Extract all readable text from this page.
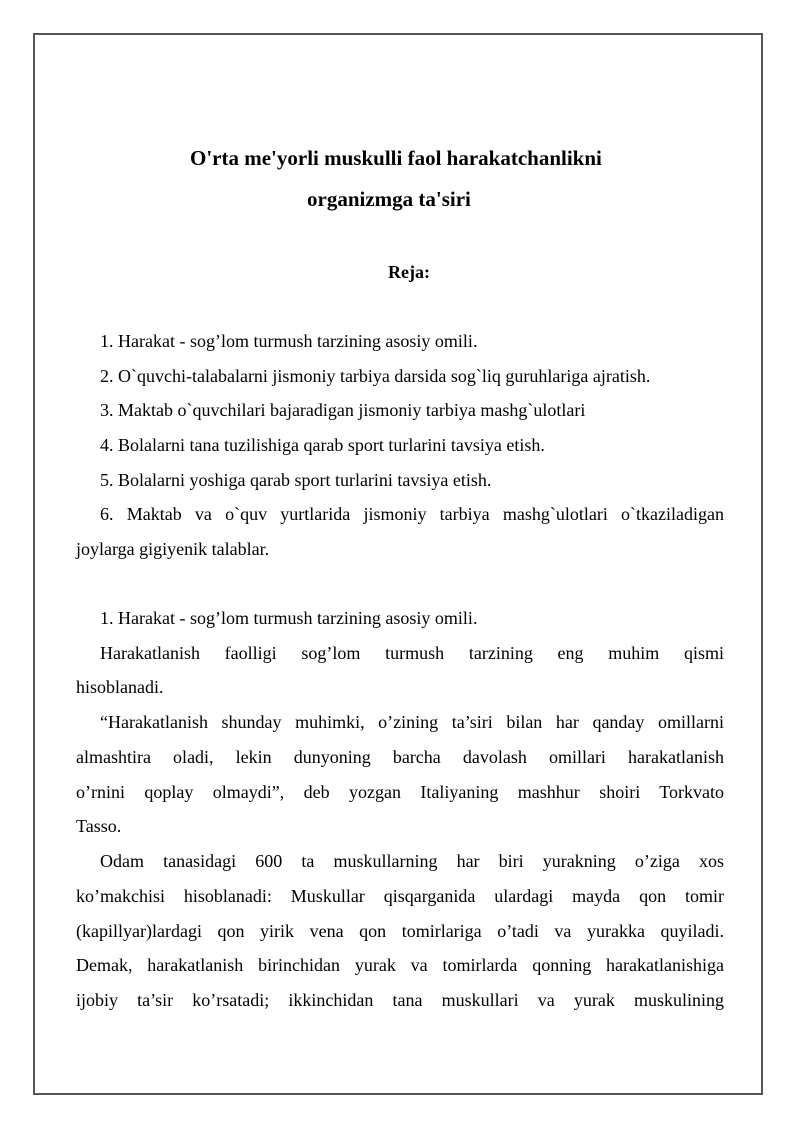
O'rta me'yorli muskulli faol harakatchanlikni
organizmga ta'siri
Reja:
1. Harakat - sog’lom turmush tarzining asosiy omili.
2. O`quvchi-talabalarni jismoniy tarbiya darsida sog`liq guruhlariga ajratish.
3. Maktab o`quvchilari bajaradigan jismoniy tarbiya mashg`ulotlari
4. Bolalarni tana tuzilishiga qarab sport turlarini tavsiya etish.
5. Bolalarni yoshiga qarab sport turlarini tavsiya etish.
6. Maktab va o`quv yurtlarida jismoniy tarbiya mashg`ulotlari o`tkaziladigan
joylarga gigiyenik talablar.
1. Harakat - sog’lom turmush tarzining asosiy omili.
Harakatlanish faolligi sog’lom turmush tarzining eng muhim qismi
hisoblanadi.
“Harakatlanish shunday muhimki, o’zining ta’siri bilan har qanday omillarni
almashtira oladi, lekin dunyoning barcha davolash omillari harakatlanish
o’rnini qoplay olmaydi”, deb yozgan Italiyaning mashhur shoiri Torkvato
Tasso.
Odam tanasidagi 600 ta muskullarning har biri yurakning o’ziga xos
ko’makchisi hisoblanadi: Muskullar qisqarganida ulardagi mayda qon tomir
(kapillyar)lardagi qon yirik vena qon tomirlariga o’tadi va yurakka quyiladi.
Demak, harakatlanish birinchidan yurak va tomirlarda qonning harakatlanishiga
ijobiy ta’sir ko’rsatadi; ikkinchidan tana muskullari va yurak muskulining
